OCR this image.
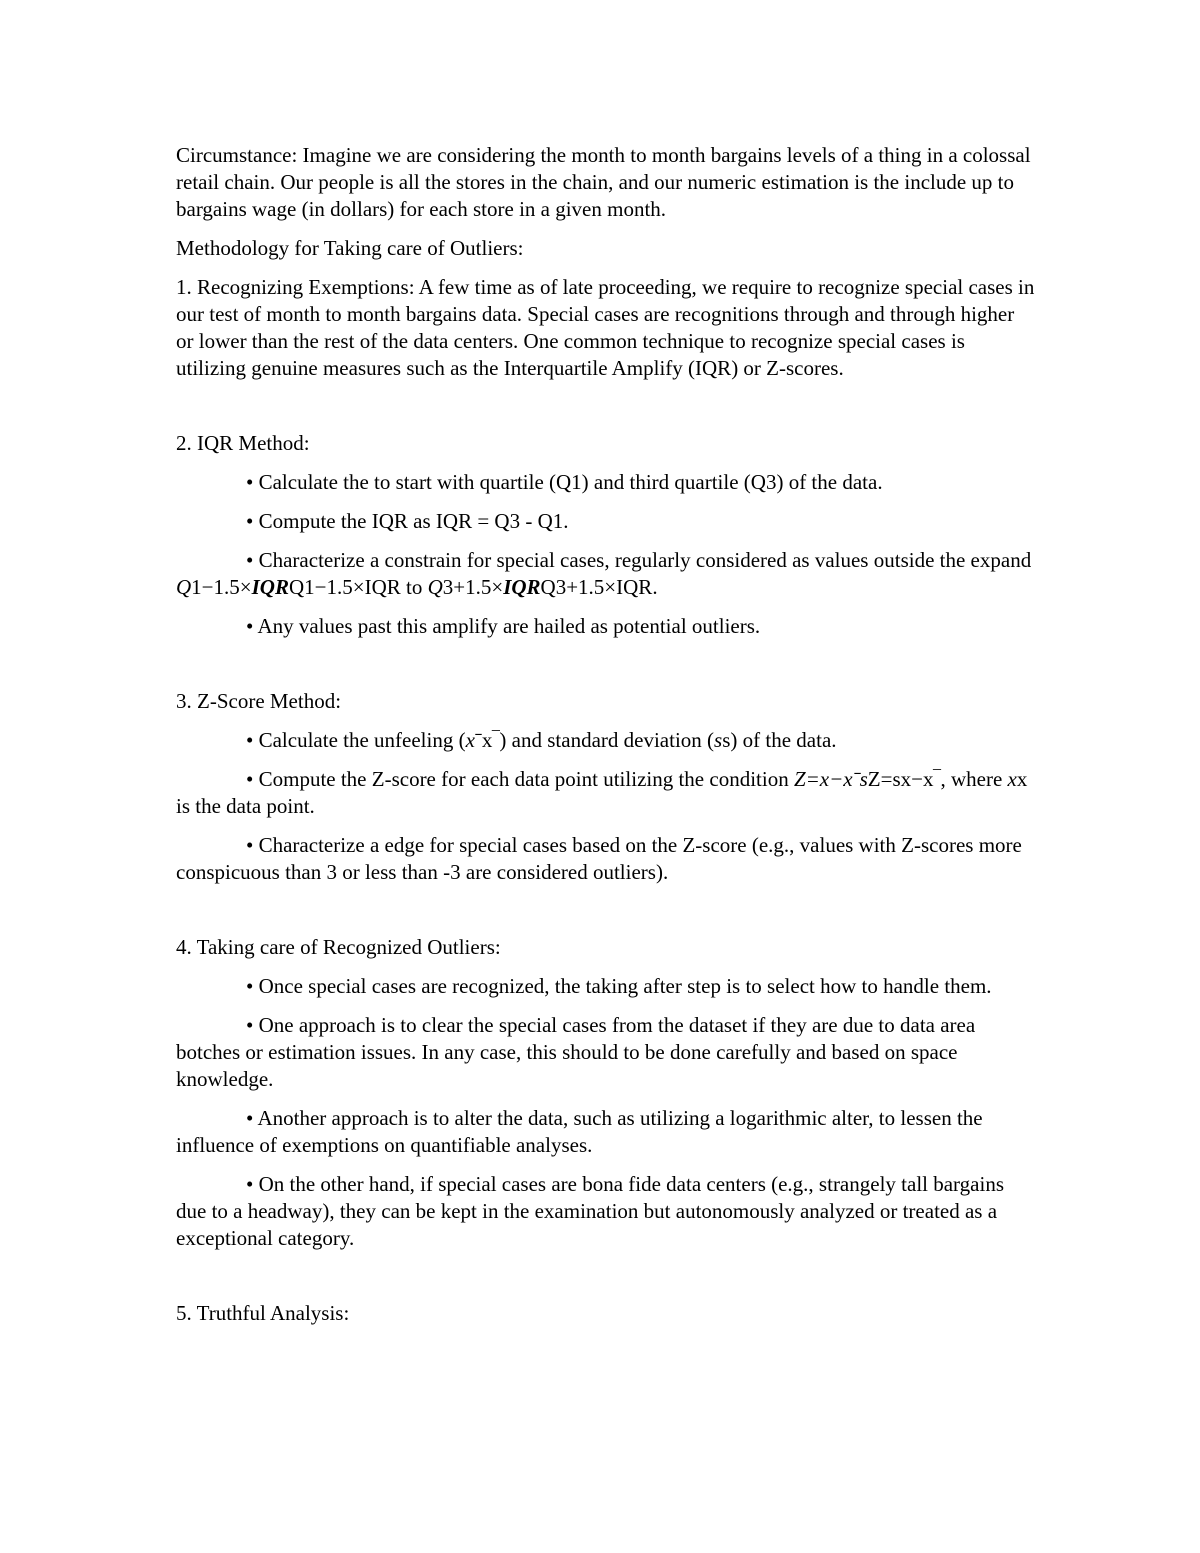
Circumstance: Imagine we are considering the month to month bargains levels of a thing in a colossal retail chain. Our people is all the stores in the chain, and our numeric estimation is the include up to bargains wage (in dollars) for each store in a given month.

Methodology for Taking care of Outliers:

1. Recognizing Exemptions: A few time as of late proceeding, we require to recognize special cases in our test of month to month bargains data. Special cases are recognitions through and through higher or lower than the rest of the data centers. One common technique to recognize special cases is utilizing genuine measures such as the Interquartile Amplify (IQR) or Z-scores.

2. IQR Method:

• Calculate the to start with quartile (Q1) and third quartile (Q3) of the data.

• Compute the IQR as IQR = Q3 - Q1.

• Characterize a constrain for special cases, regularly considered as values outside the expand Q1−1.5×IQRQ1−1.5×IQR to Q3+1.5×IQRQ3+1.5×IQR.

• Any values past this amplify are hailed as potential outliers.

3. Z-Score Method:

• Calculate the unfeeling (xˉx‾) and standard deviation (ss) of the data.

• Compute the Z-score for each data point utilizing the condition Z=x−xˉsZ=sx−x‾, where xx is the data point.

• Characterize a edge for special cases based on the Z-score (e.g., values with Z-scores more conspicuous than 3 or less than -3 are considered outliers).

4. Taking care of Recognized Outliers:

• Once special cases are recognized, the taking after step is to select how to handle them.

• One approach is to clear the special cases from the dataset if they are due to data area botches or estimation issues. In any case, this should to be done carefully and based on space knowledge.

• Another approach is to alter the data, such as utilizing a logarithmic alter, to lessen the influence of exemptions on quantifiable analyses.

• On the other hand, if special cases are bona fide data centers (e.g., strangely tall bargains due to a headway), they can be kept in the examination but autonomously analyzed or treated as a exceptional category.

5. Truthful Analysis:
